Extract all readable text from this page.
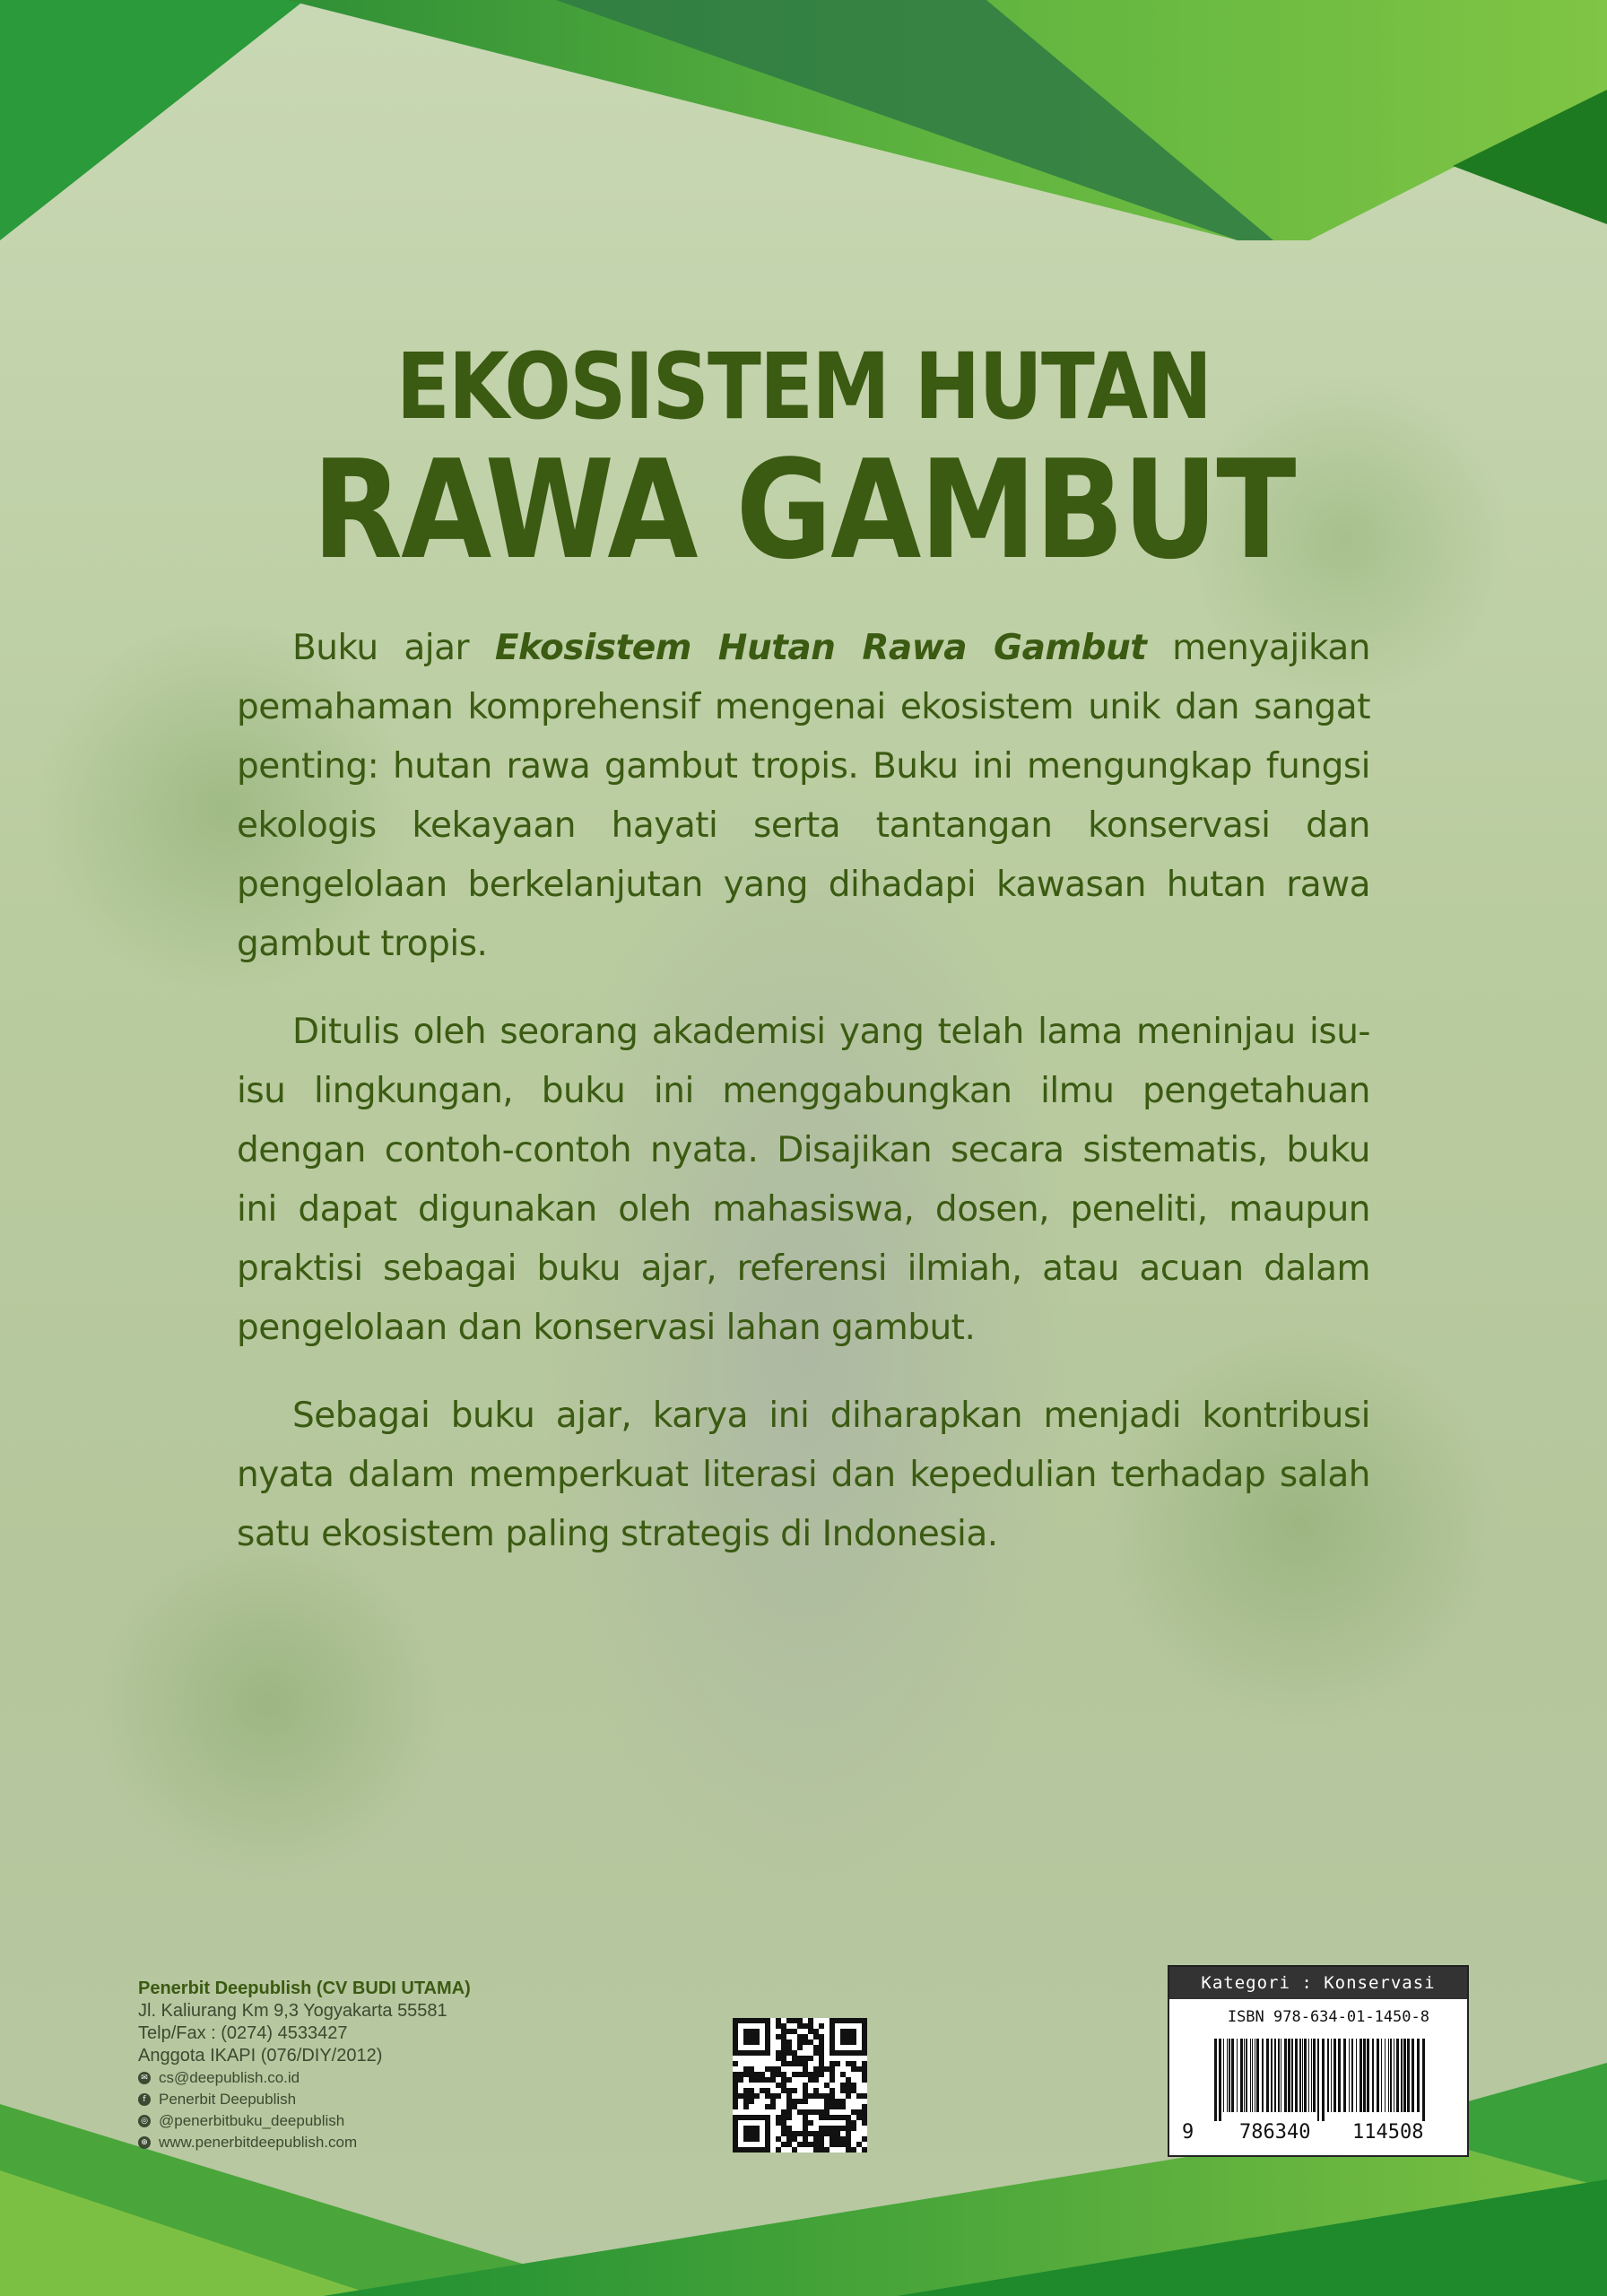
EKOSISTEM HUTAN
RAWA GAMBUT

Buku ajar Ekosistem Hutan Rawa Gambut menyajikan pemahaman komprehensif mengenai ekosistem unik dan sangat penting: hutan rawa gambut tropis. Buku ini mengungkap fungsi ekologis kekayaan hayati serta tantangan konservasi dan pengelolaan berkelanjutan yang dihadapi kawasan hutan rawa gambut tropis.

Ditulis oleh seorang akademisi yang telah lama meninjau isu-isu lingkungan, buku ini menggabungkan ilmu pengetahuan dengan contoh-contoh nyata. Disajikan secara sistematis, buku ini dapat digunakan oleh mahasiswa, dosen, peneliti, maupun praktisi sebagai buku ajar, referensi ilmiah, atau acuan dalam pengelolaan dan konservasi lahan gambut.

Sebagai buku ajar, karya ini diharapkan menjadi kontribusi nyata dalam memperkuat literasi dan kepedulian terhadap salah satu ekosistem paling strategis di Indonesia.

Penerbit Deepublish (CV BUDI UTAMA)
Jl. Kaliurang Km 9,3 Yogyakarta 55581
Telp/Fax : (0274) 4533427
Anggota IKAPI (076/DIY/2012)
✉ cs@deepublish.co.id
f Penerbit Deepublish
◎ @penerbitbuku_deepublish
⊕ www.penerbitdeepublish.com
Kategori : Konservasi
ISBN 978-634-01-1450-8
9 786340 114508
